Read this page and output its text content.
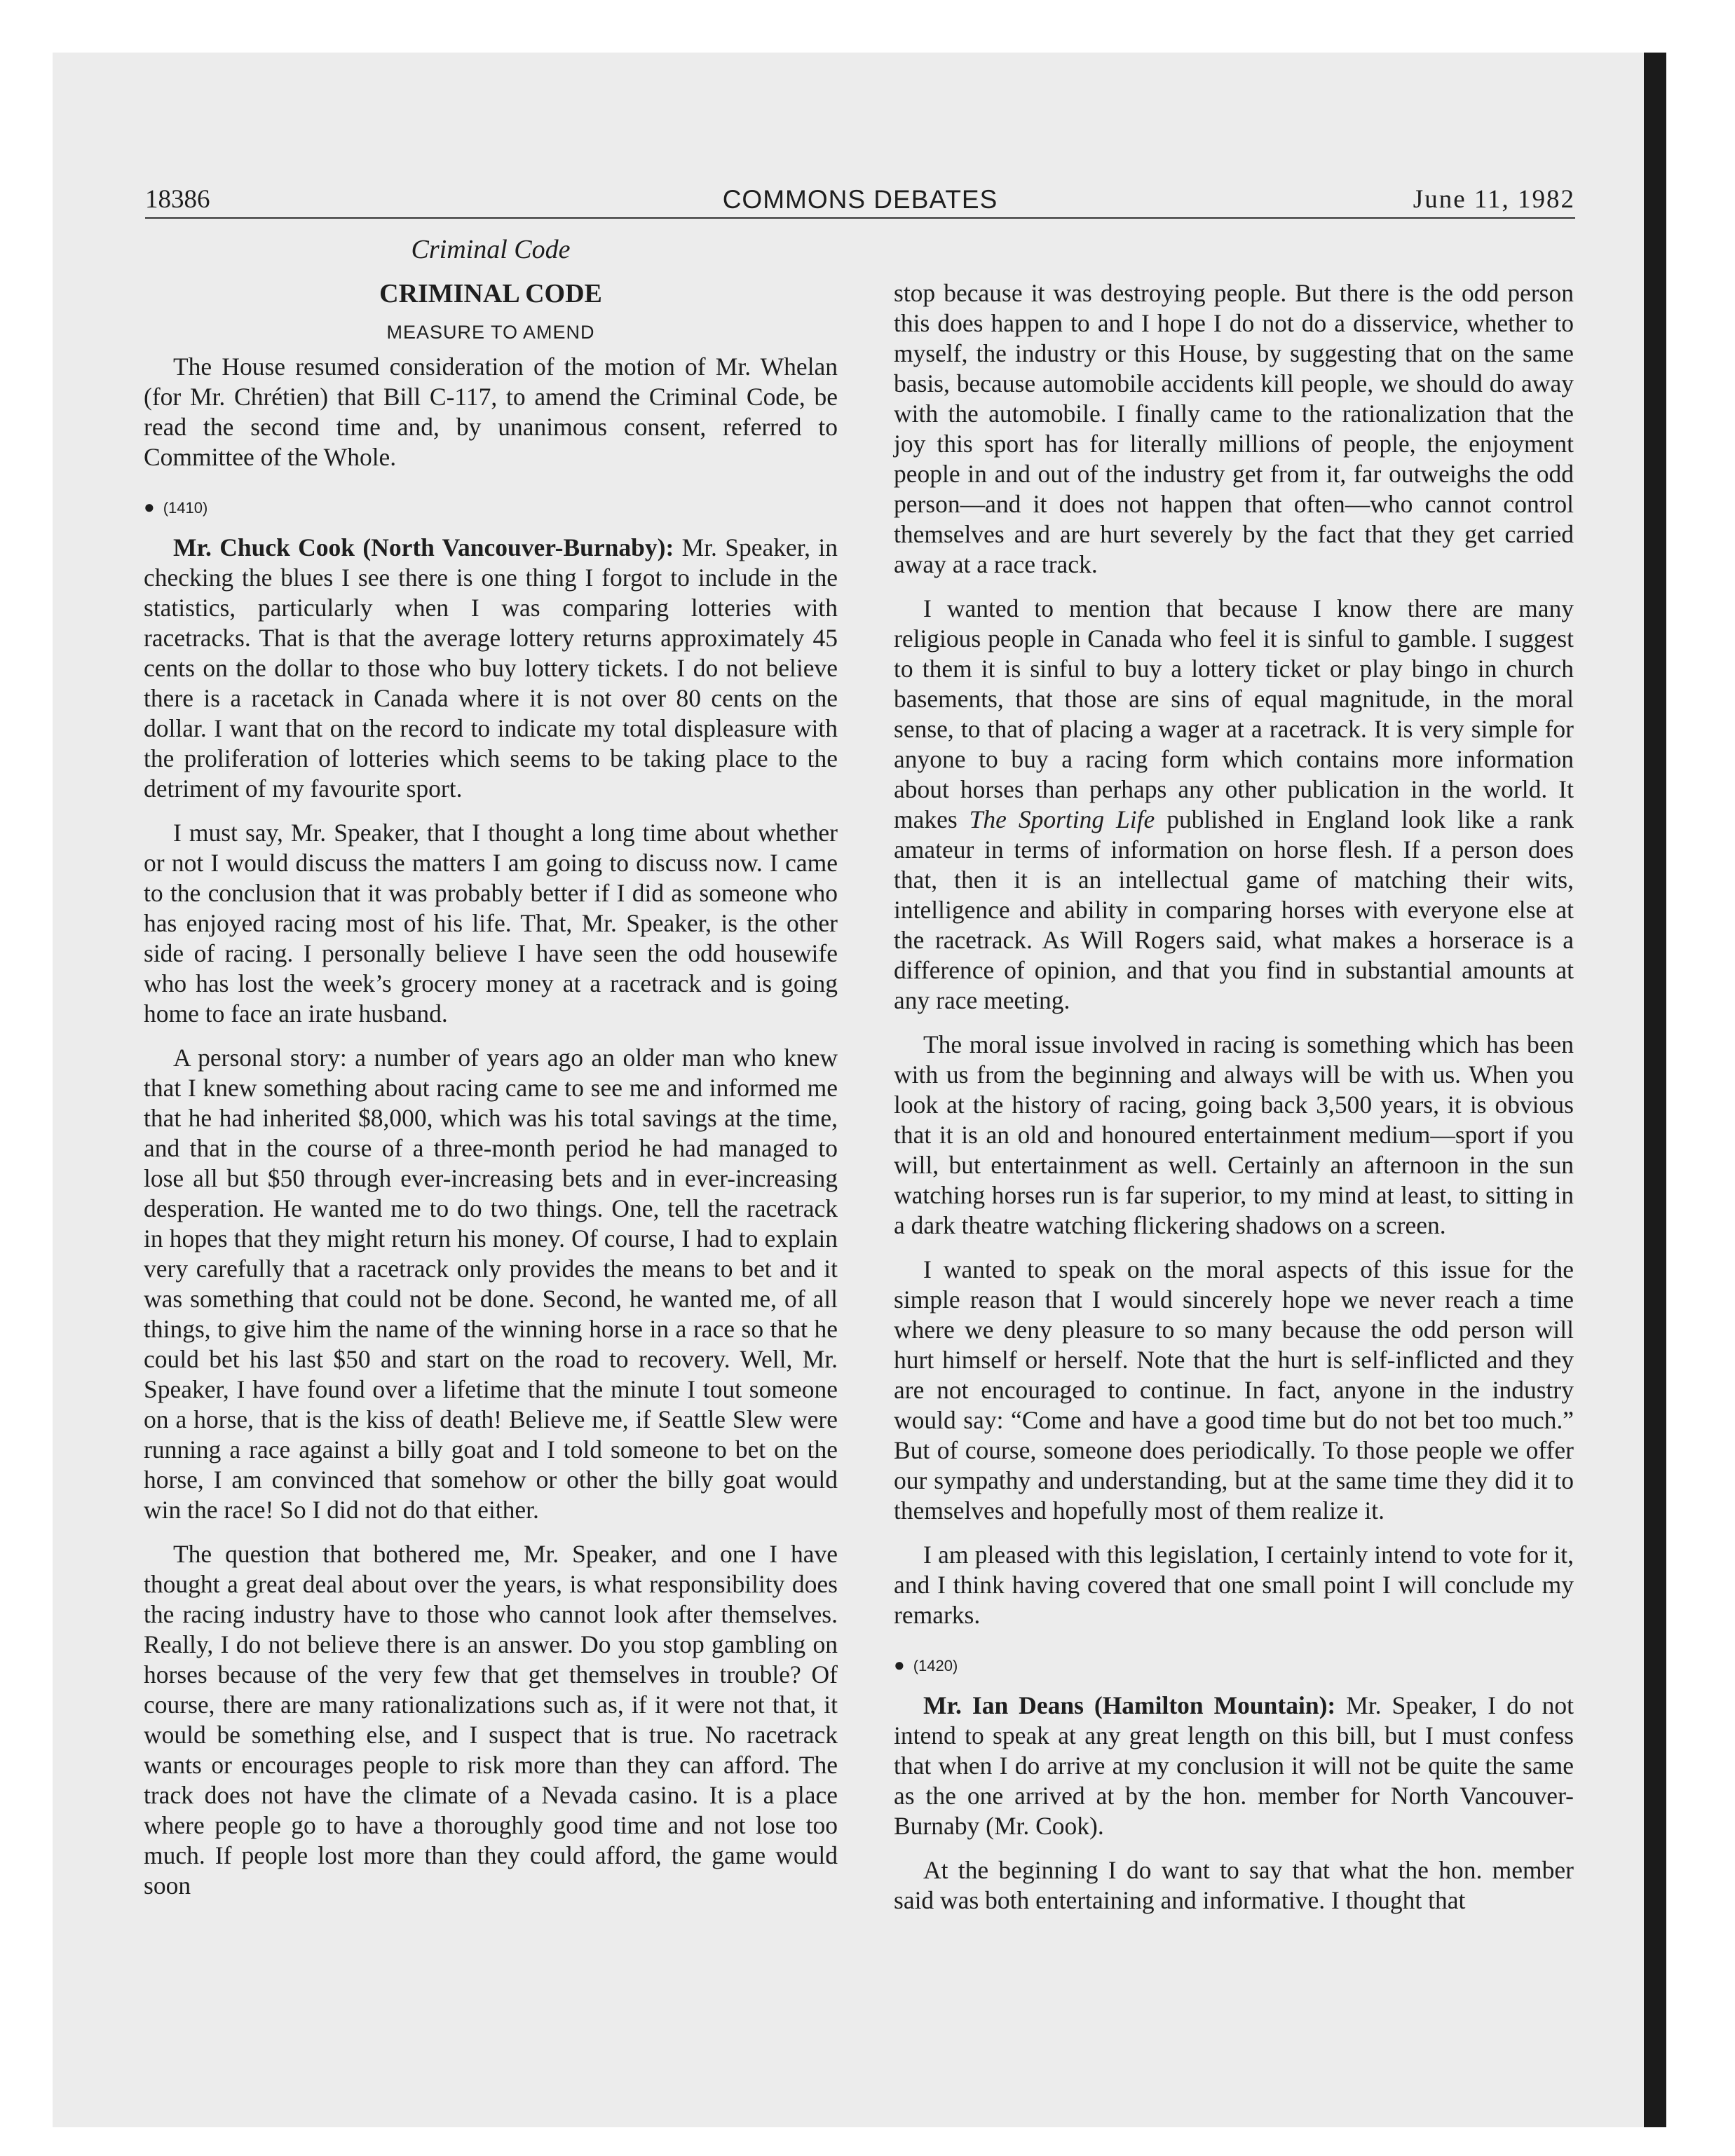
18386	COMMONS DEBATES	June 11, 1982
Criminal Code
CRIMINAL CODE
MEASURE TO AMEND

The House resumed consideration of the motion of Mr. Whelan (for Mr. Chrétien) that Bill C-117, to amend the Criminal Code, be read the second time and, by unanimous consent, referred to Committee of the Whole.

● (1410)

Mr. Chuck Cook (North Vancouver-Burnaby): Mr. Speaker, in checking the blues I see there is one thing I forgot to include in the statistics, particularly when I was comparing lotteries with racetracks. That is that the average lottery returns approximately 45 cents on the dollar to those who buy lottery tickets. I do not believe there is a racetack in Canada where it is not over 80 cents on the dollar. I want that on the record to indicate my total displeasure with the proliferation of lotteries which seems to be taking place to the detriment of my favourite sport.

I must say, Mr. Speaker, that I thought a long time about whether or not I would discuss the matters I am going to discuss now. I came to the conclusion that it was probably better if I did as someone who has enjoyed racing most of his life. That, Mr. Speaker, is the other side of racing. I personally believe I have seen the odd housewife who has lost the week’s grocery money at a racetrack and is going home to face an irate husband.

A personal story: a number of years ago an older man who knew that I knew something about racing came to see me and informed me that he had inherited $8,000, which was his total savings at the time, and that in the course of a three-month period he had managed to lose all but $50 through ever-increasing bets and in ever-increasing desperation. He wanted me to do two things. One, tell the racetrack in hopes that they might return his money. Of course, I had to explain very carefully that a racetrack only provides the means to bet and it was something that could not be done. Second, he wanted me, of all things, to give him the name of the winning horse in a race so that he could bet his last $50 and start on the road to recovery. Well, Mr. Speaker, I have found over a lifetime that the minute I tout someone on a horse, that is the kiss of death! Believe me, if Seattle Slew were running a race against a billy goat and I told someone to bet on the horse, I am convinced that somehow or other the billy goat would win the race! So I did not do that either.

The question that bothered me, Mr. Speaker, and one I have thought a great deal about over the years, is what responsibility does the racing industry have to those who cannot look after themselves. Really, I do not believe there is an answer. Do you stop gambling on horses because of the very few that get themselves in trouble? Of course, there are many rationalizations such as, if it were not that, it would be something else, and I suspect that is true. No racetrack wants or encourages people to risk more than they can afford. The track does not have the climate of a Nevada casino. It is a place where people go to have a thoroughly good time and not lose too much. If people lost more than they could afford, the game would soon

stop because it was destroying people. But there is the odd person this does happen to and I hope I do not do a disservice, whether to myself, the industry or this House, by suggesting that on the same basis, because automobile accidents kill people, we should do away with the automobile. I finally came to the rationalization that the joy this sport has for literally millions of people, the enjoyment people in and out of the industry get from it, far outweighs the odd person—and it does not happen that often—who cannot control themselves and are hurt severely by the fact that they get carried away at a race track.

I wanted to mention that because I know there are many religious people in Canada who feel it is sinful to gamble. I suggest to them it is sinful to buy a lottery ticket or play bingo in church basements, that those are sins of equal magnitude, in the moral sense, to that of placing a wager at a racetrack. It is very simple for anyone to buy a racing form which contains more information about horses than perhaps any other publication in the world. It makes The Sporting Life published in England look like a rank amateur in terms of information on horse flesh. If a person does that, then it is an intellectual game of matching their wits, intelligence and ability in comparing horses with everyone else at the racetrack. As Will Rogers said, what makes a horserace is a difference of opinion, and that you find in substantial amounts at any race meeting.

The moral issue involved in racing is something which has been with us from the beginning and always will be with us. When you look at the history of racing, going back 3,500 years, it is obvious that it is an old and honoured entertainment medium—sport if you will, but entertainment as well. Certainly an afternoon in the sun watching horses run is far superior, to my mind at least, to sitting in a dark theatre watching flickering shadows on a screen.

I wanted to speak on the moral aspects of this issue for the simple reason that I would sincerely hope we never reach a time where we deny pleasure to so many because the odd person will hurt himself or herself. Note that the hurt is self-inflicted and they are not encouraged to continue. In fact, anyone in the industry would say: “Come and have a good time but do not bet too much.” But of course, someone does periodically. To those people we offer our sympathy and understanding, but at the same time they did it to themselves and hopefully most of them realize it.

I am pleased with this legislation, I certainly intend to vote for it, and I think having covered that one small point I will conclude my remarks.

● (1420)

Mr. Ian Deans (Hamilton Mountain): Mr. Speaker, I do not intend to speak at any great length on this bill, but I must confess that when I do arrive at my conclusion it will not be quite the same as the one arrived at by the hon. member for North Vancouver-Burnaby (Mr. Cook).

At the beginning I do want to say that what the hon. member said was both entertaining and informative. I thought that
